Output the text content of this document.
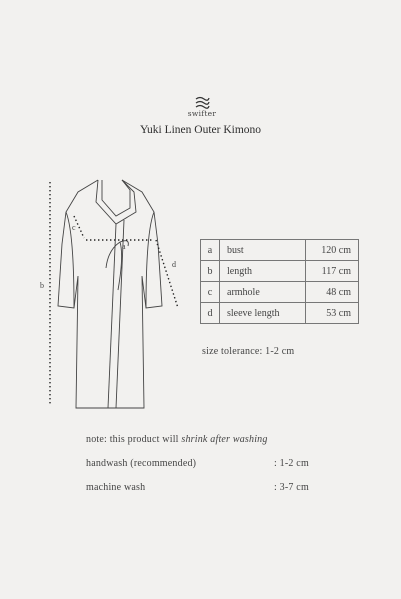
swifter
Yuki Linen Outer Kimono
b
a
c
d
a	bust	120 cm
b	length	117 cm
c	armhole	48 cm
d	sleeve length	53 cm
size tolerance: 1-2 cm
note: this product will shrink after washing
handwash (recommended)	: 1-2 cm
machine wash	: 3-7 cm
